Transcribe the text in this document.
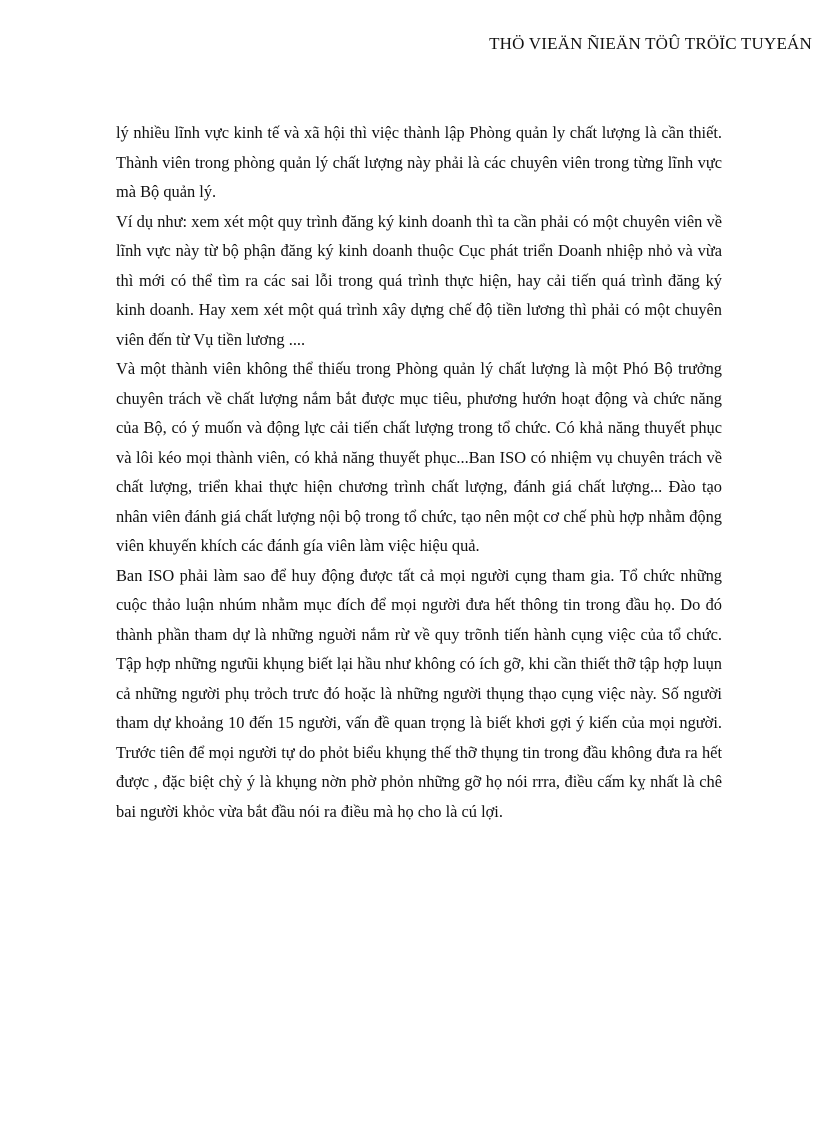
THÖ VIEÄN ÑIEÄN TÖÛ TRÖÏC TUYEÁN

lý nhiều lĩnh vực kinh tế và xã hội thì việc thành lập Phòng quản ly chất lượng là cần thiết. Thành viên trong phòng quản lý chất lượng này phải là các chuyên viên trong từng lĩnh vực mà Bộ quản lý.

Ví dụ như: xem xét một quy trình đăng ký kinh doanh thì ta cần phải có một chuyên viên về lĩnh vực này từ bộ phận đăng ký kinh doanh thuộc Cục phát triển Doanh nhiệp nhỏ và vừa thì mới có thể tìm ra các sai lỗi trong quá trình thực hiện, hay cải tiến quá trình đăng ký kinh doanh. Hay xem xét một quá trình xây dựng chế độ tiền lương thì phải có một chuyên viên đến từ Vụ tiền lương ....

Và một thành viên không thể thiếu trong Phòng quản lý chất lượng là một Phó Bộ trưởng chuyên trách về chất lượng nắm bắt được mục tiêu, phương hướn hoạt động và chức năng của Bộ, có ý muốn và động lực cải tiến chất lượng trong tổ chức. Có khả năng thuyết phục và lôi kéo mọi thành viên, có khả năng thuyết phục...Ban ISO có nhiệm vụ chuyên trách về chất lượng, triển khai thực hiện chương trình chất lượng, đánh giá chất lượng... Đào tạo nhân viên đánh giá chất lượng nội bộ trong tổ chức, tạo nên một cơ chế phù hợp nhằm động viên khuyến khích các đánh gía viên làm việc hiệu quả.

Ban ISO phải làm sao để huy động được tất cả mọi người cụng tham gia. Tổ chức những cuộc thảo luận nhúm nhằm mục đích để mọi người đưa hết thông tin trong đầu họ. Do đó thành phần tham dự là những nguời nắm rừ về quy trõnh tiến hành cụng việc của tổ chức. Tập hợp những ngưũi khụng biết lại hầu như không có ích gỡ, khi cần thiết thỡ tập hợp luụn cả những người phụ trỏch trưc đó hoặc là những người thụng thạo cụng việc này. Số người tham dự khoảng 10 đến 15 người, vấn đề quan trọng là biết khơi gợi ý kiến của mọi người. Trước tiên để mọi người tự do phỏt biểu khụng thế thỡ thụng tin trong đầu không đưa ra hết được , đặc biệt chỳ ý là khụng nờn phờ phỏn những gỡ họ nói rrra, điều cấm kỵ nhất là chê bai người khỏc vừa bắt đầu nói ra điều mà họ cho là cú lợi.
